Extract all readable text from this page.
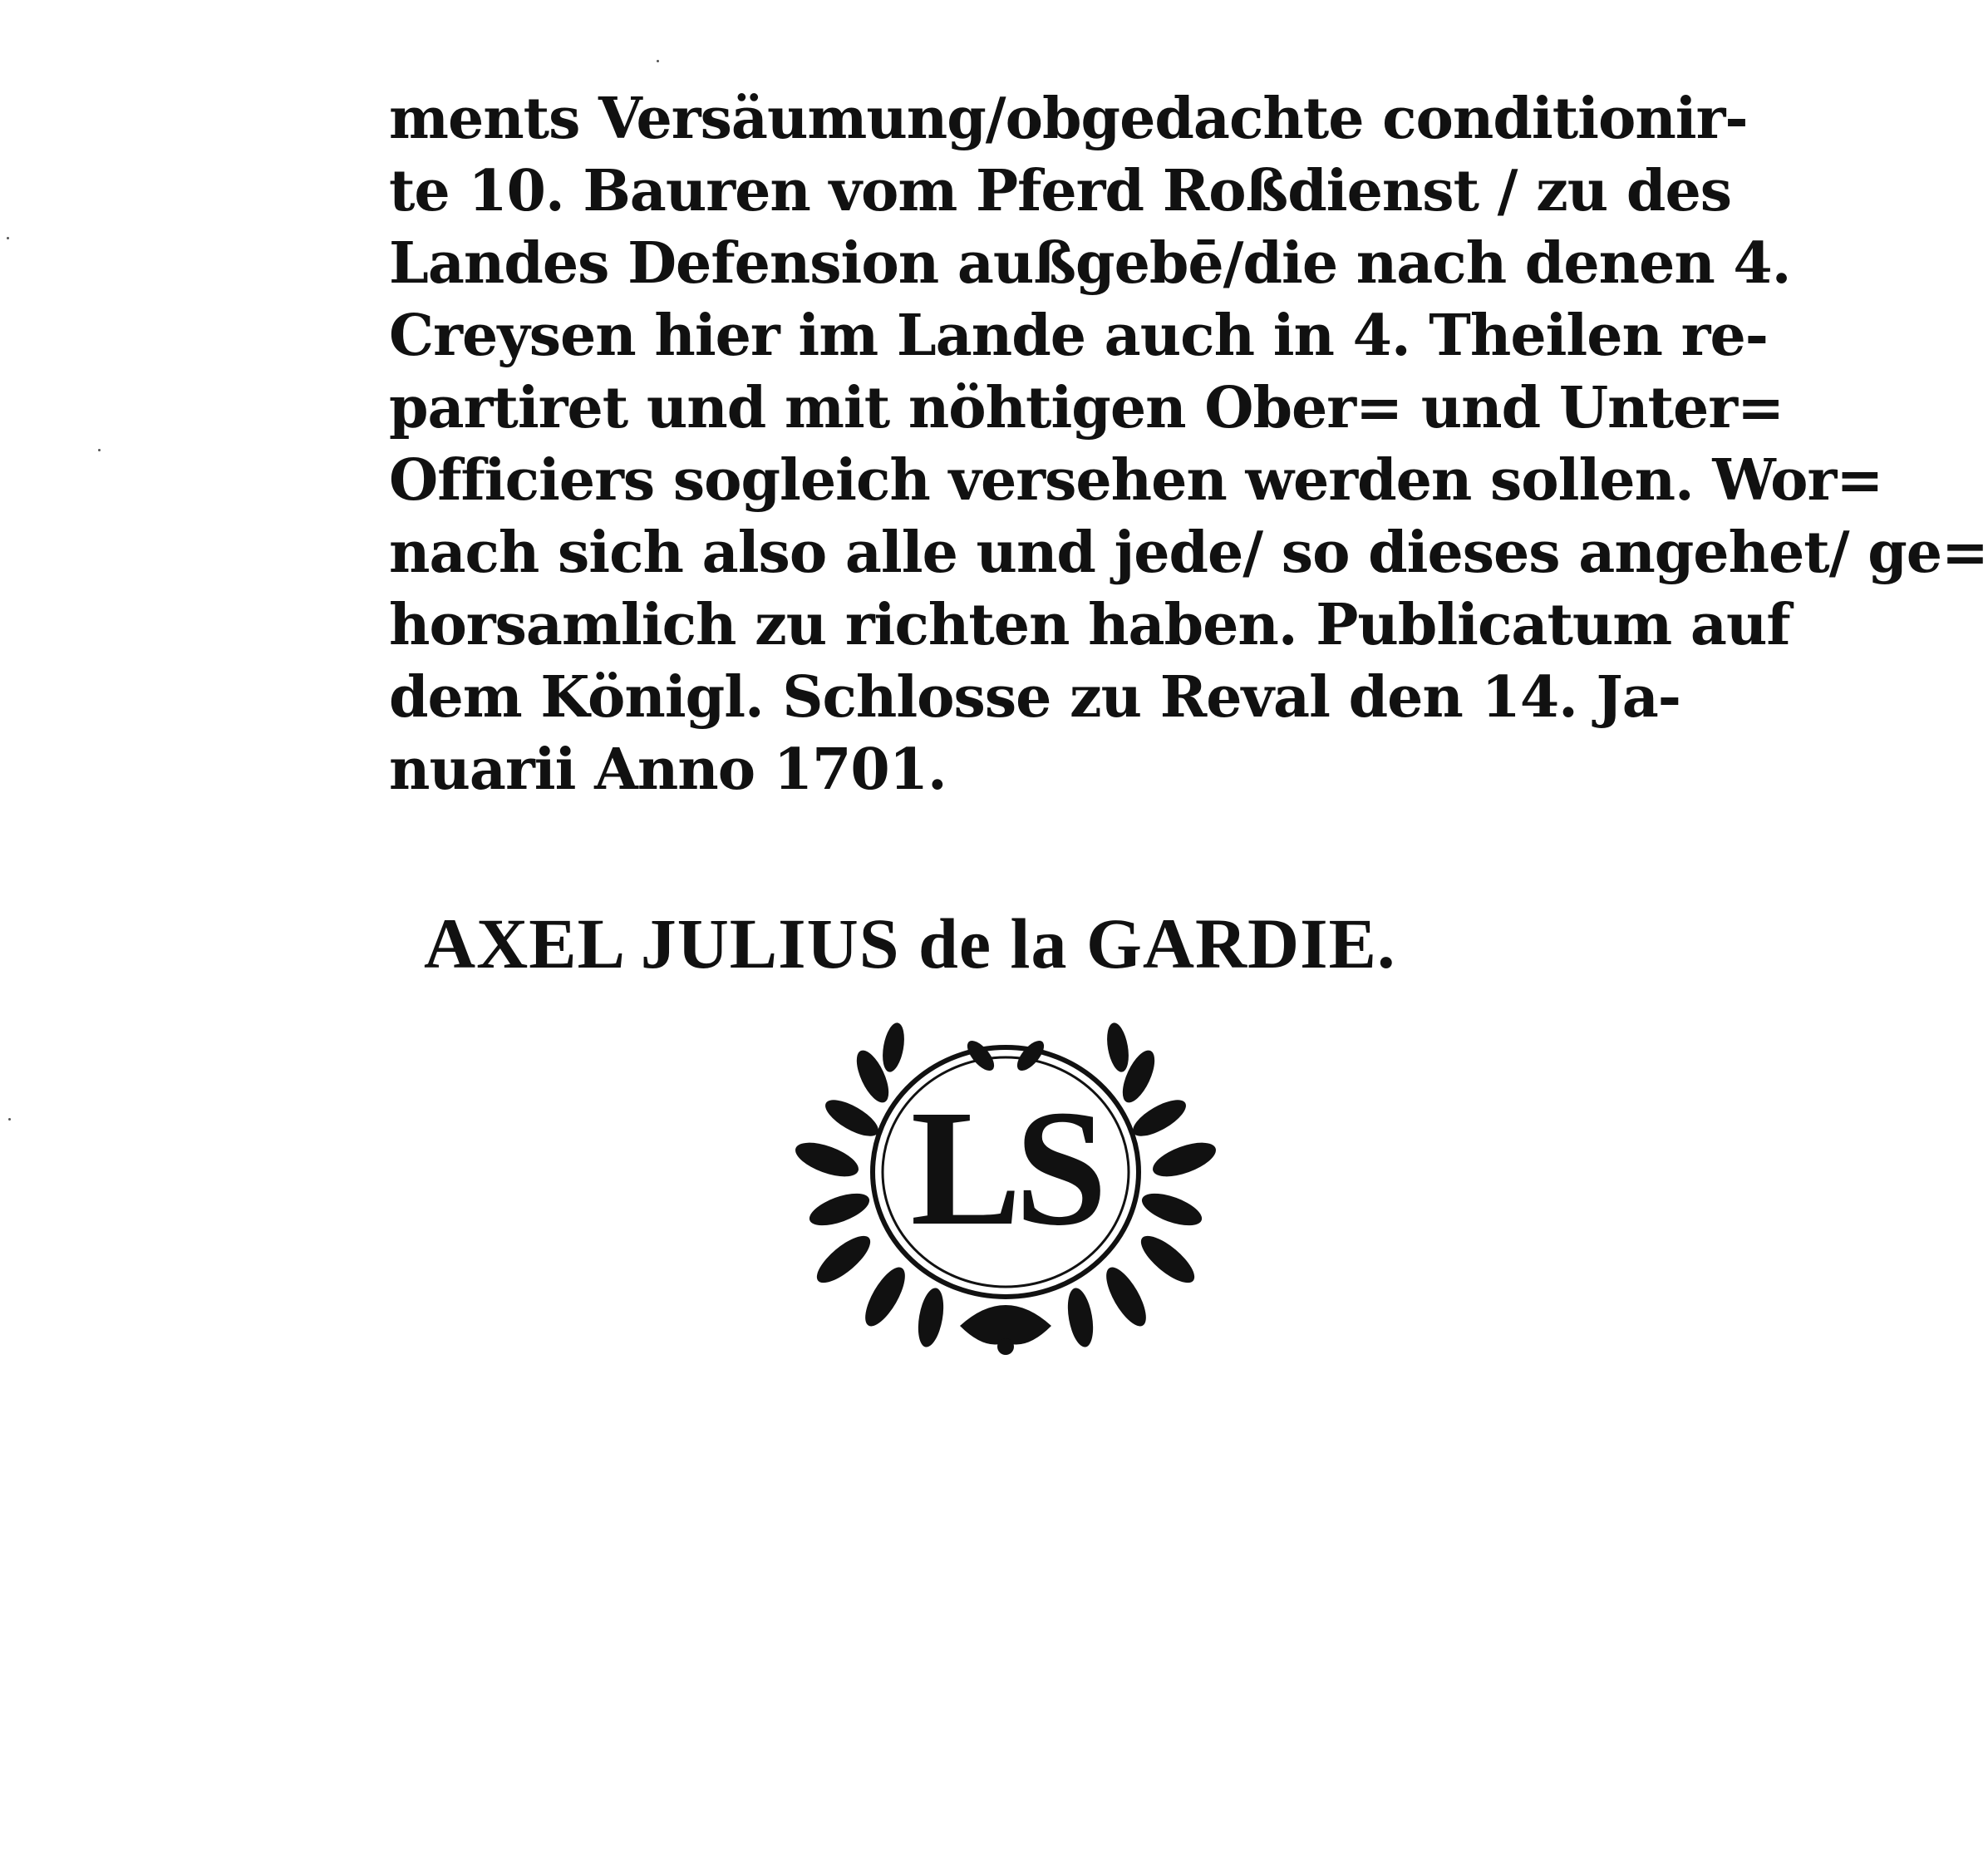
ments Versäumung/obgedachte conditionir-
te 10. Bauren vom Pferd Roßdienst / zu des
Landes Defension außgebē/die nach denen 4.
Creysen hier im Lande auch in 4. Theilen re-
partiret und mit nöhtigen Ober= und Unter=
Officiers sogleich versehen werden sollen. Wor=
nach sich also alle und jede/ so dieses angehet/ ge=
horsamlich zu richten haben. Publicatum auf
dem Königl. Schlosse zu Reval den 14. Ja-
nuarii Anno 1701.
AXEL JULIUS de la GARDIE.
LS
